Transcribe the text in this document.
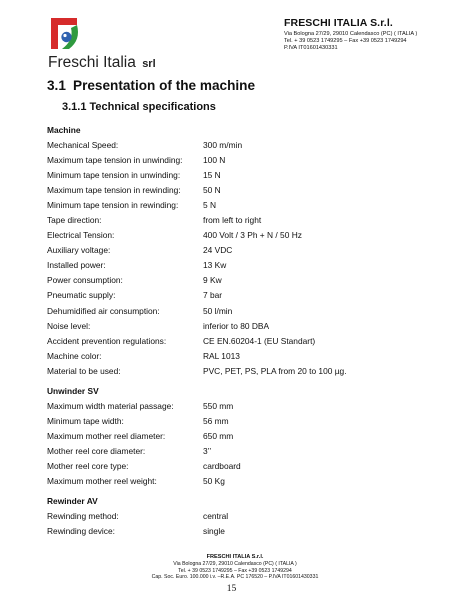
Freschi Italia srl
FRESCHI ITALIA S.r.l.
Via Bologna 27/29, 29010 Calendasco (PC) ( ITALIA )
Tel. + 39 0523 1749295 – Fax +39 0523 1749294
P.IVA IT01601430331
3.1 Presentation of the machine
3.1.1 Technical specifications
Machine
Mechanical Speed:	300 m/min
Maximum tape tension in unwinding: 100 N
Minimum tape tension in unwinding:	15 N
Maximum tape tension in rewinding:	50 N
Minimum tape tension in rewinding:	5 N
Tape direction:	from left to right
Electrical Tension:	400 Volt / 3 Ph + N / 50 Hz
Auxiliary voltage:	24 VDC
Installed power:	13 Kw
Power consumption:	9 Kw
Pneumatic supply:	7 bar
Dehumidified air consumption:	50 l/min
Noise level:	inferior to 80 DBA
Accident prevention regulations:	CE EN.60204-1 (EU Standart)
Machine color:	RAL 1013
Material to be used:	PVC, PET, PS, PLA from 20 to 100 µg.
Unwinder SV
Maximum width material passage:	550 mm
Minimum tape width:	56 mm
Maximum mother reel diameter:	650 mm
Mother reel core diameter:	3’’
Mother reel core type:	cardboard
Maximum mother reel weight:	50 Kg
Rewinder AV
Rewinding method:	central
Rewinding device:	single
FRESCHI ITALIA S.r.l.
Via Bologna 27/29, 29010 Calendasco (PC) ( ITALIA )
Tel. + 39 0523 1749295 – Fax +39 0523 1749294
Cap. Soc. Euro. 100.000 i.v. –R.E.A. PC 176520 – P.IVA IT01601430331
15
